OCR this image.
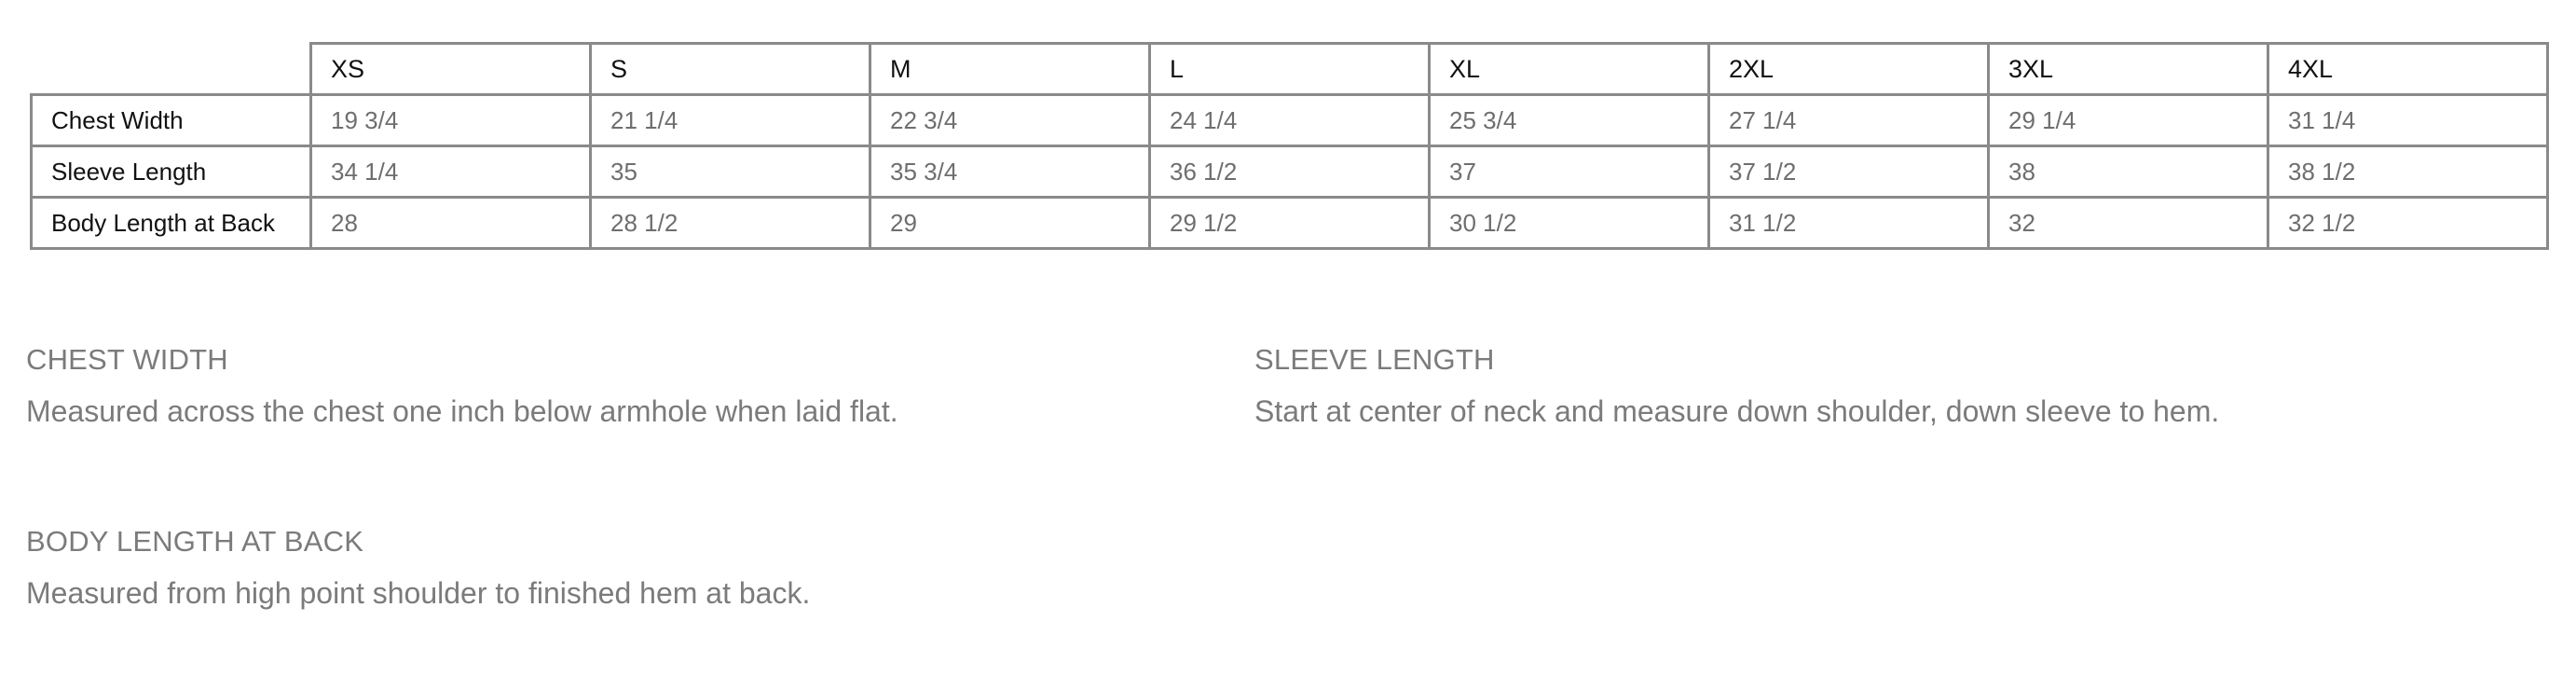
	XS	S	M	L	XL	2XL	3XL	4XL
Chest Width	19 3/4	21 1/4	22 3/4	24 1/4	25 3/4	27 1/4	29 1/4	31 1/4
Sleeve Length	34 1/4	35	35 3/4	36 1/2	37	37 1/2	38	38 1/2
Body Length at Back	28	28 1/2	29	29 1/2	30 1/2	31 1/2	32	32 1/2
CHEST WIDTH
Measured across the chest one inch below armhole when laid flat.
SLEEVE LENGTH
Start at center of neck and measure down shoulder, down sleeve to hem.
BODY LENGTH AT BACK
Measured from high point shoulder to finished hem at back.
